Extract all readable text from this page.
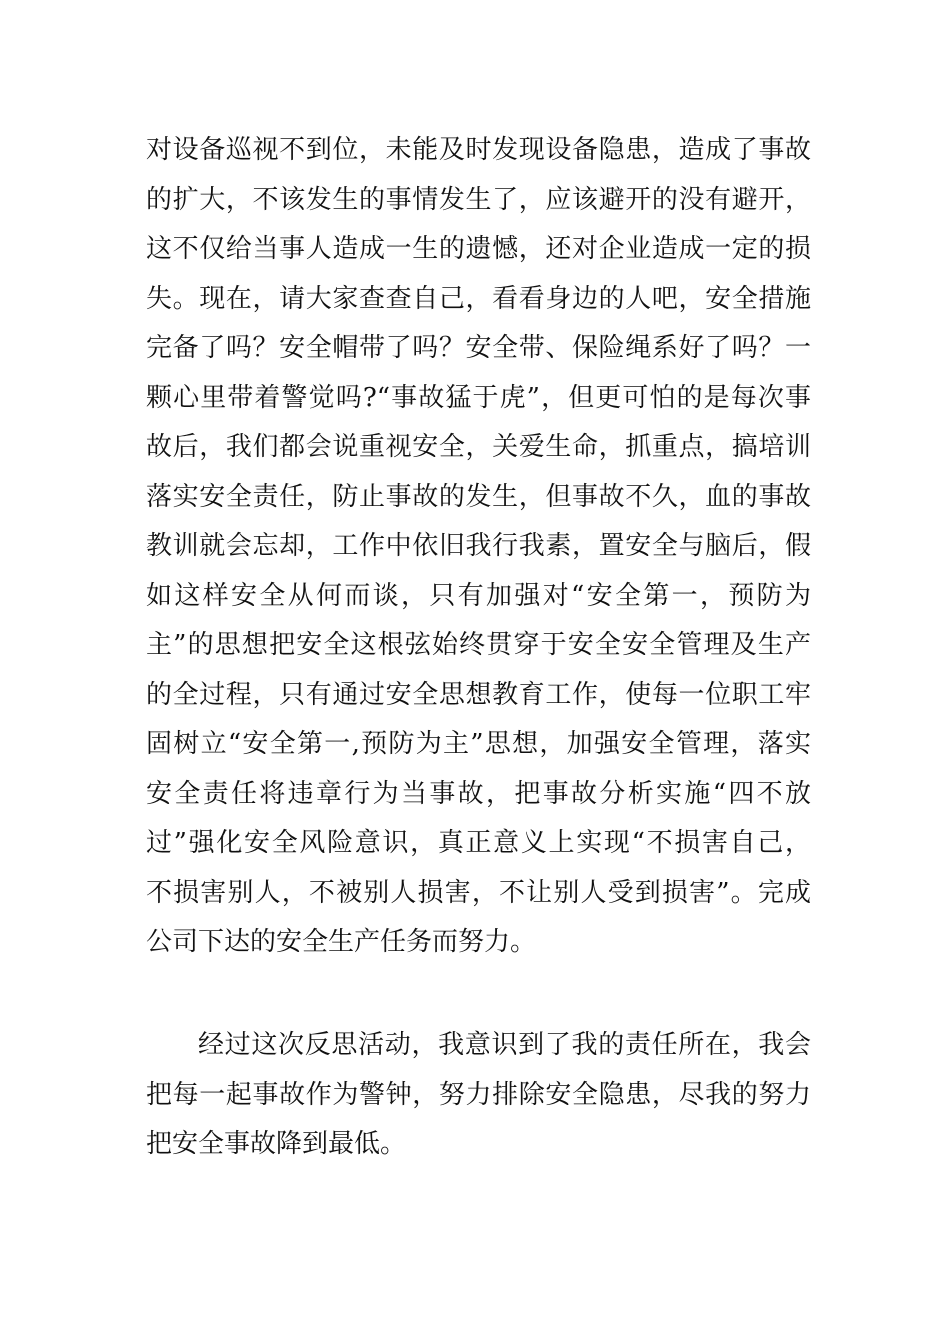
对设备巡视不到位，未能及时发现设备隐患，造成了事故
的扩大，不该发生的事情发生了，应该避开的没有避开，
这不仅给当事人造成一生的遗憾，还对企业造成一定的损
失。现在，请大家查查自己，看看身边的人吧，安全措施
完备了吗？安全帽带了吗？安全带、保险绳系好了吗？一
颗心里带着警觉吗?“事故猛于虎”，但更可怕的是每次事
故后，我们都会说重视安全，关爱生命，抓重点，搞培训
落实安全责任，防止事故的发生，但事故不久，血的事故
教训就会忘却，工作中依旧我行我素，置安全与脑后，假
如这样安全从何而谈，只有加强对“安全第一，预防为
主”的思想把安全这根弦始终贯穿于安全安全管理及生产
的全过程，只有通过安全思想教育工作，使每一位职工牢
固树立“安全第一,预防为主”思想，加强安全管理，落实
安全责任将违章行为当事故，把事故分析实施“四不放
过”强化安全风险意识，真正意义上实现“不损害自己，
不损害别人，不被别人损害，不让别人受到损害”。完成
公司下达的安全生产任务而努力。
经过这次反思活动，我意识到了我的责任所在，我会
把每一起事故作为警钟，努力排除安全隐患，尽我的努力
把安全事故降到最低。
